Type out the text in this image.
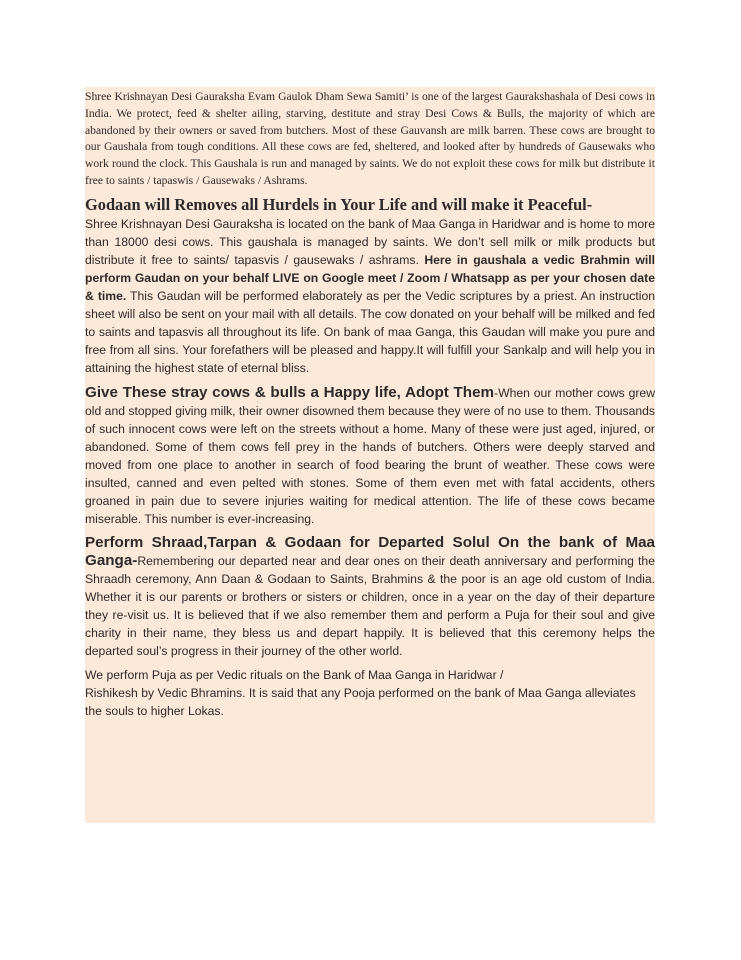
Shree Krishnayan Desi Gauraksha Evam Gaulok Dham Sewa Samiti’ is one of the largest Gaurakshashala of Desi cows in India. We protect, feed & shelter ailing, starving, destitute and stray Desi Cows & Bulls, the majority of which are abandoned by their owners or saved from butchers. Most of these Gauvansh are milk barren. These cows are brought to our Gaushala from tough conditions. All these cows are fed, sheltered, and looked after by hundreds of Gausewaks who work round the clock. This Gaushala is run and managed by saints. We do not exploit these cows for milk but distribute it free to saints / tapaswis / Gausewaks / Ashrams.

Godaan will Removes all Hurdels in Your Life and will make it Peaceful-
Shree Krishnayan Desi Gauraksha is located on the bank of Maa Ganga in Haridwar and is home to more than 18000 desi cows. This gaushala is managed by saints. We don’t sell milk or milk products but distribute it free to saints/ tapasvis / gausewaks / ashrams. Here in gaushala a vedic Brahmin will perform Gaudan on your behalf LIVE on Google meet / Zoom / Whatsapp as per your chosen date & time. This Gaudan will be performed elaborately as per the Vedic scriptures by a priest. An instruction sheet will also be sent on your mail with all details. The cow donated on your behalf will be milked and fed to saints and tapasvis all throughout its life. On bank of maa Ganga, this Gaudan will make you pure and free from all sins. Your forefathers will be pleased and happy.It will fulfill your Sankalp and will help you in attaining the highest state of eternal bliss.

Give These stray cows & bulls a Happy life, Adopt Them-When our mother cows grew old and stopped giving milk, their owner disowned them because they were of no use to them. Thousands of such innocent cows were left on the streets without a home. Many of these were just aged, injured, or abandoned. Some of them cows fell prey in the hands of butchers. Others were deeply starved and moved from one place to another in search of food bearing the brunt of weather. These cows were insulted, canned and even pelted with stones. Some of them even met with fatal accidents, others groaned in pain due to severe injuries waiting for medical attention. The life of these cows became miserable. This number is ever-increasing.

Perform Shraad,Tarpan & Godaan for Departed Solul On the bank of Maa Ganga-Remembering our departed near and dear ones on their death anniversary and performing the Shraadh ceremony, Ann Daan & Godaan to Saints, Brahmins & the poor is an age old custom of India. Whether it is our parents or brothers or sisters or children, once in a year on the day of their departure they re-visit us. It is believed that if we also remember them and perform a Puja for their soul and give charity in their name, they bless us and depart happily. It is believed that this ceremony helps the departed soul’s progress in their journey of the other world.

We perform Puja as per Vedic rituals on the Bank of Maa Ganga in Haridwar /
Rishikesh by Vedic Bhramins. It is said that any Pooja performed on the bank of Maa Ganga alleviates the souls to higher Lokas.
